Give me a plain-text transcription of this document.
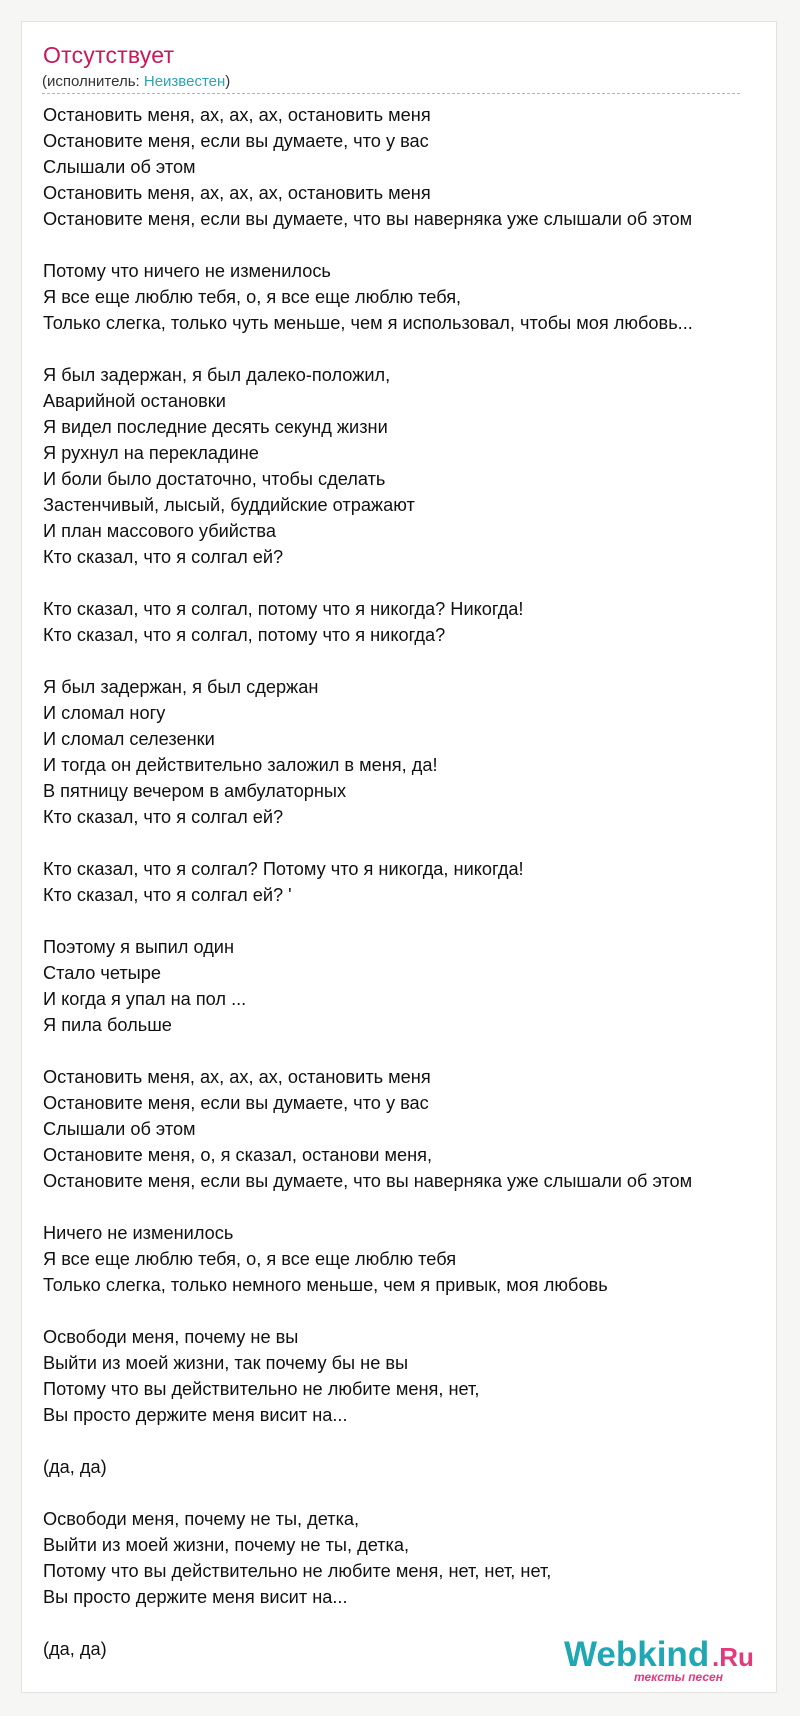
Отсутствует
(исполнитель: Неизвестен)
Остановить меня, ах, ах, ах, остановить меня
Остановите меня, если вы думаете, что у вас
Слышали об этом
Остановить меня, ах, ах, ах, остановить меня
Остановите меня, если вы думаете, что вы наверняка уже слышали об этом
Потому что ничего не изменилось
Я все еще люблю тебя, о, я все еще люблю тебя,
Только слегка, только чуть меньше, чем я использовал, чтобы моя любовь...
Я был задержан, я был далеко-положил,
Аварийной остановки
Я видел последние десять секунд жизни
Я рухнул на перекладине
И боли было достаточно, чтобы сделать
Застенчивый, лысый, буддийские отражают
И план массового убийства
Кто сказал, что я солгал ей?
Кто сказал, что я солгал, потому что я никогда? Никогда!
Кто сказал, что я солгал, потому что я никогда?
Я был задержан, я был сдержан
И сломал ногу
И сломал селезенки
И тогда он действительно заложил в меня, да!
В пятницу вечером в амбулаторных
Кто сказал, что я солгал ей?
Кто сказал, что я солгал? Потому что я никогда, никогда!
Кто сказал, что я солгал ей? '
Поэтому я выпил один
Стало четыре
И когда я упал на пол ...
Я пила больше
Остановить меня, ах, ах, ах, остановить меня
Остановите меня, если вы думаете, что у вас
Слышали об этом
Остановите меня, о, я сказал, останови меня,
Остановите меня, если вы думаете, что вы наверняка уже слышали об этом
Ничего не изменилось
Я все еще люблю тебя, о, я все еще люблю тебя
Только слегка, только немного меньше, чем я привык, моя любовь
Освободи меня, почему не вы
Выйти из моей жизни, так почему бы не вы
Потому что вы действительно не любите меня, нет,
Вы просто держите меня висит на...
(да, да)
Освободи меня, почему не ты, детка,
Выйти из моей жизни, почему не ты, детка,
Потому что вы действительно не любите меня, нет, нет, нет,
Вы просто держите меня висит на...
(да, да)	Webkind .Ru
тексты песен
